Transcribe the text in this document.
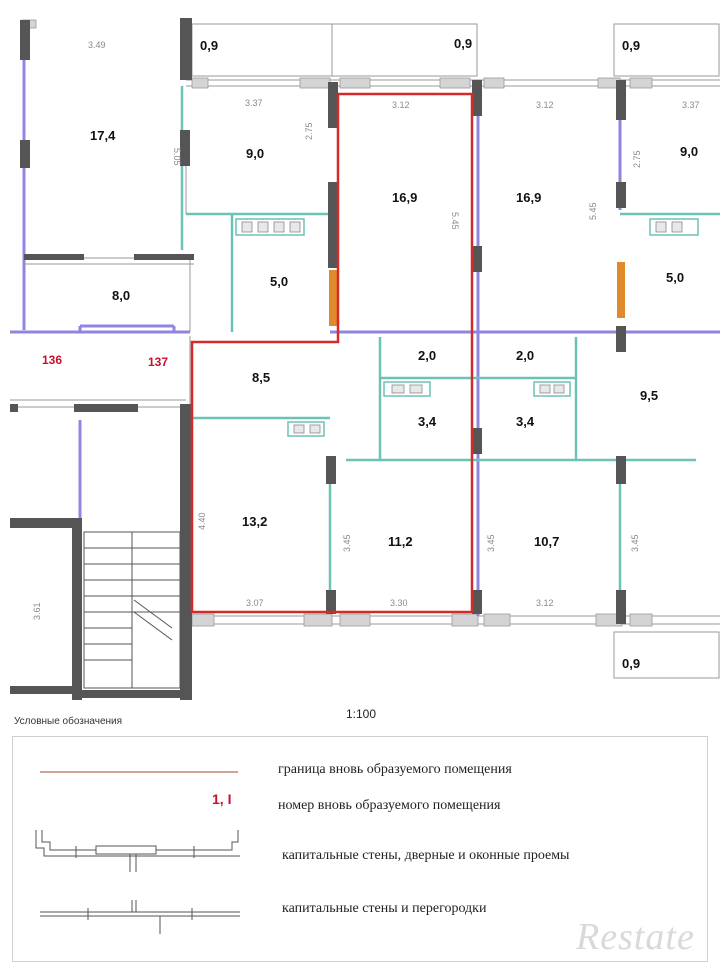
3.49
3.37	3.12	3.12	3.37
5.05
2.75
5.45
5.45
2.75
4.40
3.45	3.45	3.45
3.61	3.07	3.30	3.12
17,4
0,9	0,9	0,9
9,0
16,9	16,9
9,0
5,0	5,0
8,0
8,5
2,0	2,0
3,4	3,4
9,5
13,2
11,2	10,7
0,9
136	137
1:100
Условные обозначения
1, I
граница вновь образуемого помещения
номер вновь образуемого помещения
капитальные стены, дверные и оконные проемы
капитальные стены и перегородки
Restate
